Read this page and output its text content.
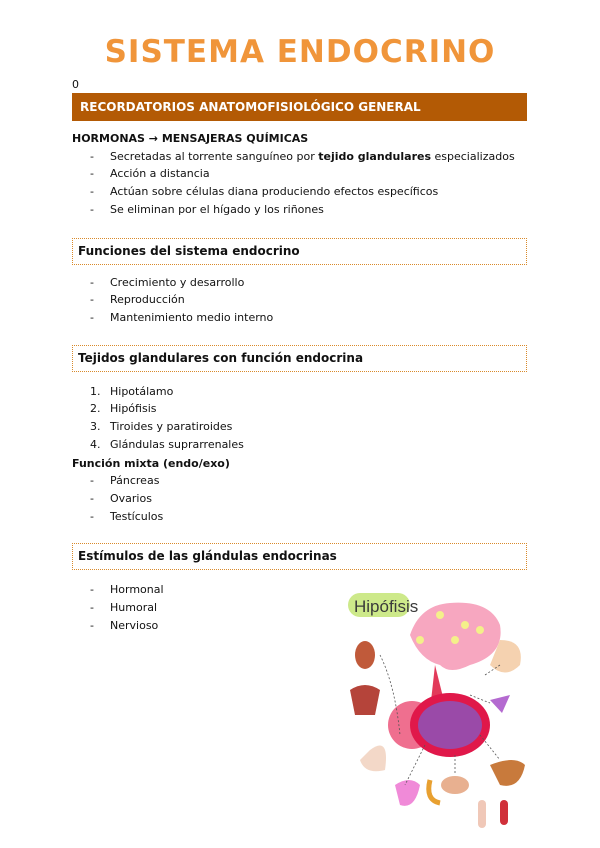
SISTEMA ENDOCRINO
0
RECORDATORIOS ANATOMOFISIOLÓGICO GENERAL
HORMONAS → MENSAJERAS QUÍMICAS
- Secretadas al torrente sanguíneo por tejido glandulares especializados
- Acción a distancia
- Actúan sobre células diana produciendo efectos específicos
- Se eliminan por el hígado y los riñones
Funciones del sistema endocrino
- Crecimiento y desarrollo
- Reproducción
- Mantenimiento medio interno
Tejidos glandulares con función endocrina
1. Hipotálamo
2. Hipófisis
3. Tiroides y paratiroides
4. Glándulas suprarrenales
Función mixta (endo/exo)
- Páncreas
- Ovarios
- Testículos
Estímulos de las glándulas endocrinas
- Hormonal
- Humoral
- Nervioso
Hipófisis
